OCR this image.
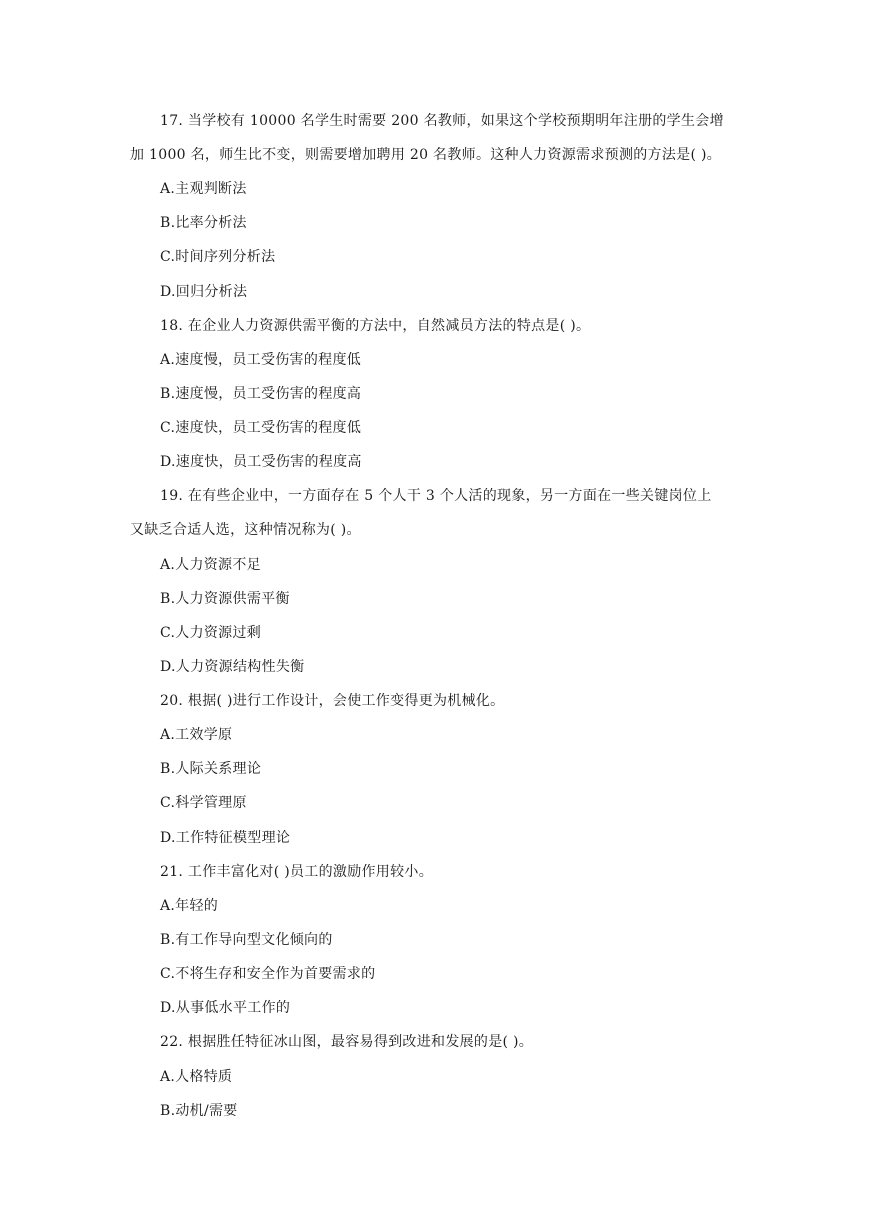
17. 当学校有 10000 名学生时需要 200 名教师，如果这个学校预期明年注册的学生会增
加 1000 名，师生比不变，则需要增加聘用 20 名教师。这种人力资源需求预测的方法是( )。
A.主观判断法
B.比率分析法
C.时间序列分析法
D.回归分析法
18. 在企业人力资源供需平衡的方法中，自然减员方法的特点是( )。
A.速度慢，员工受伤害的程度低
B.速度慢，员工受伤害的程度高
C.速度快，员工受伤害的程度低
D.速度快，员工受伤害的程度高
19. 在有些企业中，一方面存在 5 个人干 3 个人活的现象，另一方面在一些关键岗位上
又缺乏合适人选，这种情况称为( )。
A.人力资源不足
B.人力资源供需平衡
C.人力资源过剩
D.人力资源结构性失衡
20. 根据( )进行工作设计，会使工作变得更为机械化。
A.工效学原
B.人际关系理论
C.科学管理原
D.工作特征模型理论
21. 工作丰富化对( )员工的激励作用较小。
A.年轻的
B.有工作导向型文化倾向的
C.不将生存和安全作为首要需求的
D.从事低水平工作的
22. 根据胜任特征冰山图，最容易得到改进和发展的是( )。
A.人格特质
B.动机/需要
